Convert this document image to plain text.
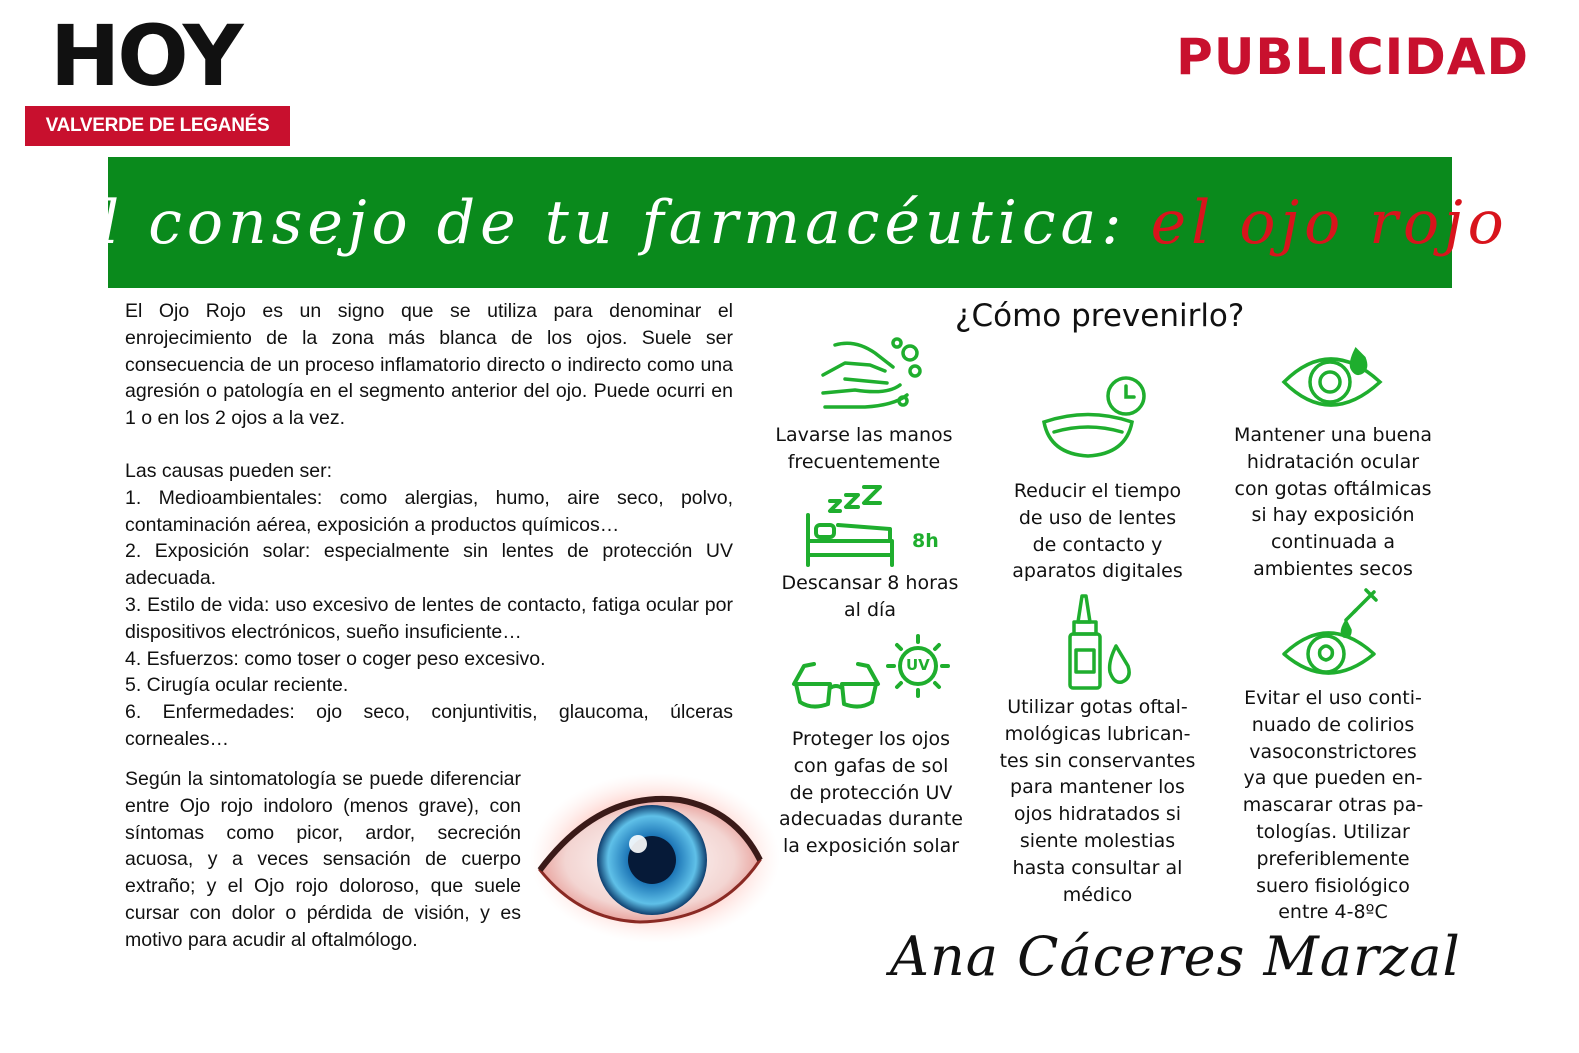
HOY
VALVERDE DE LEGANÉS
PUBLICIDAD
El consejo de tu farmacéutica: el ojo rojo

El Ojo Rojo es un signo que se utiliza para denominar el enrojecimiento de la zona más blanca de los ojos. Suele ser consecuencia de un proceso inflamatorio directo o indirecto como una agresión o patología en el segmento anterior del ojo. Puede ocurri en 1 o en los 2 ojos a la vez.

Las causas pueden ser:

1. Medioambientales: como alergias, humo, aire seco, polvo, contaminación aérea, exposición a productos químicos…

2. Exposición solar: especialmente sin lentes de protección UV adecuada.

3. Estilo de vida: uso excesivo de lentes de contacto, fatiga ocular por dispositivos electrónicos, sueño insuficiente…

4. Esfuerzos: como toser o coger peso excesivo.

5. Cirugía ocular reciente.

6. Enfermedades: ojo seco, conjuntivitis, glaucoma, úlceras corneales…

Según la sintomatología se puede diferenciar entre Ojo rojo indoloro (menos grave), con síntomas como picor, ardor, secreción acuosa, y a veces sensación de cuerpo extraño; y el Ojo rojo doloroso, que suele cursar con dolor o pérdida de visión, y es motivo para acudir al oftalmólogo.
¿Cómo prevenirlo?
Lavarse las manos
frecuentemente
Reducir el tiempo
de uso de lentes
de contacto y
aparatos digitales
Mantener una buena
hidratación ocular
con gotas oftálmicas
si hay exposición
continuada a
ambientes secos
8h
Descansar 8 horas
al día
UV
Proteger los ojos
con gafas de sol
de protección UV
adecuadas durante
la exposición solar
Utilizar gotas oftal-
mológicas lubrican-
tes sin conservantes
para mantener los
ojos hidratados si
siente molestias
hasta consultar al
médico
Evitar el uso conti-
nuado de colirios
vasoconstrictores
ya que pueden en-
mascarar otras pa-
tologías. Utilizar
preferiblemente
suero fisiológico
entre 4-8ºC
Ana Cáceres Marzal
